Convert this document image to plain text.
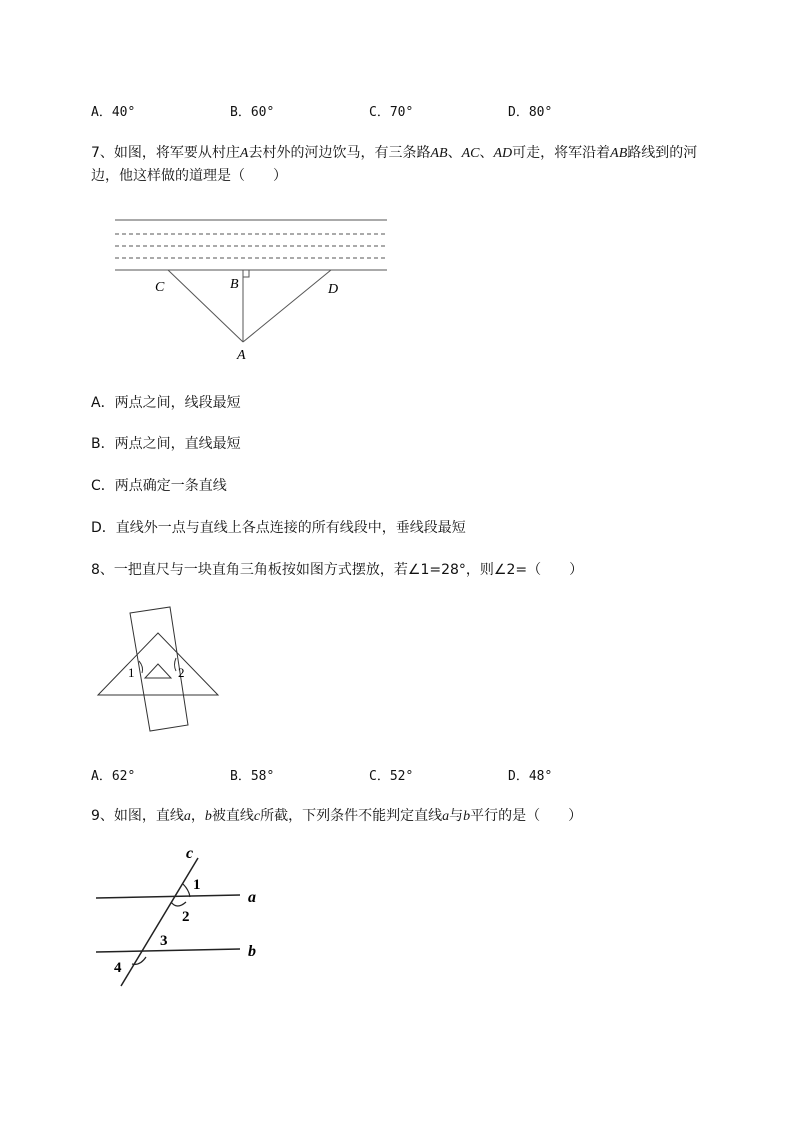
A．40°	B．60°	C．70°	D．80°
7、如图，将军要从村庄A去村外的河边饮马，有三条路AB、AC、AD可走，将军沿着AB路线到的河
边，他这样做的道理是（　　）
C	B	D
A
A．两点之间，线段最短
B．两点之间，直线最短
C．两点确定一条直线
D．直线外一点与直线上各点连接的所有线段中，垂线段最短
8、一把直尺与一块直角三角板按如图方式摆放，若∠1=28°，则∠2=（　　）
1	2
A．62°	B．58°	C．52°	D．48°
9、如图，直线a，b被直线c所截，下列条件不能判定直线a与b平行的是（　　）
c
a
b
1
2
3
4
